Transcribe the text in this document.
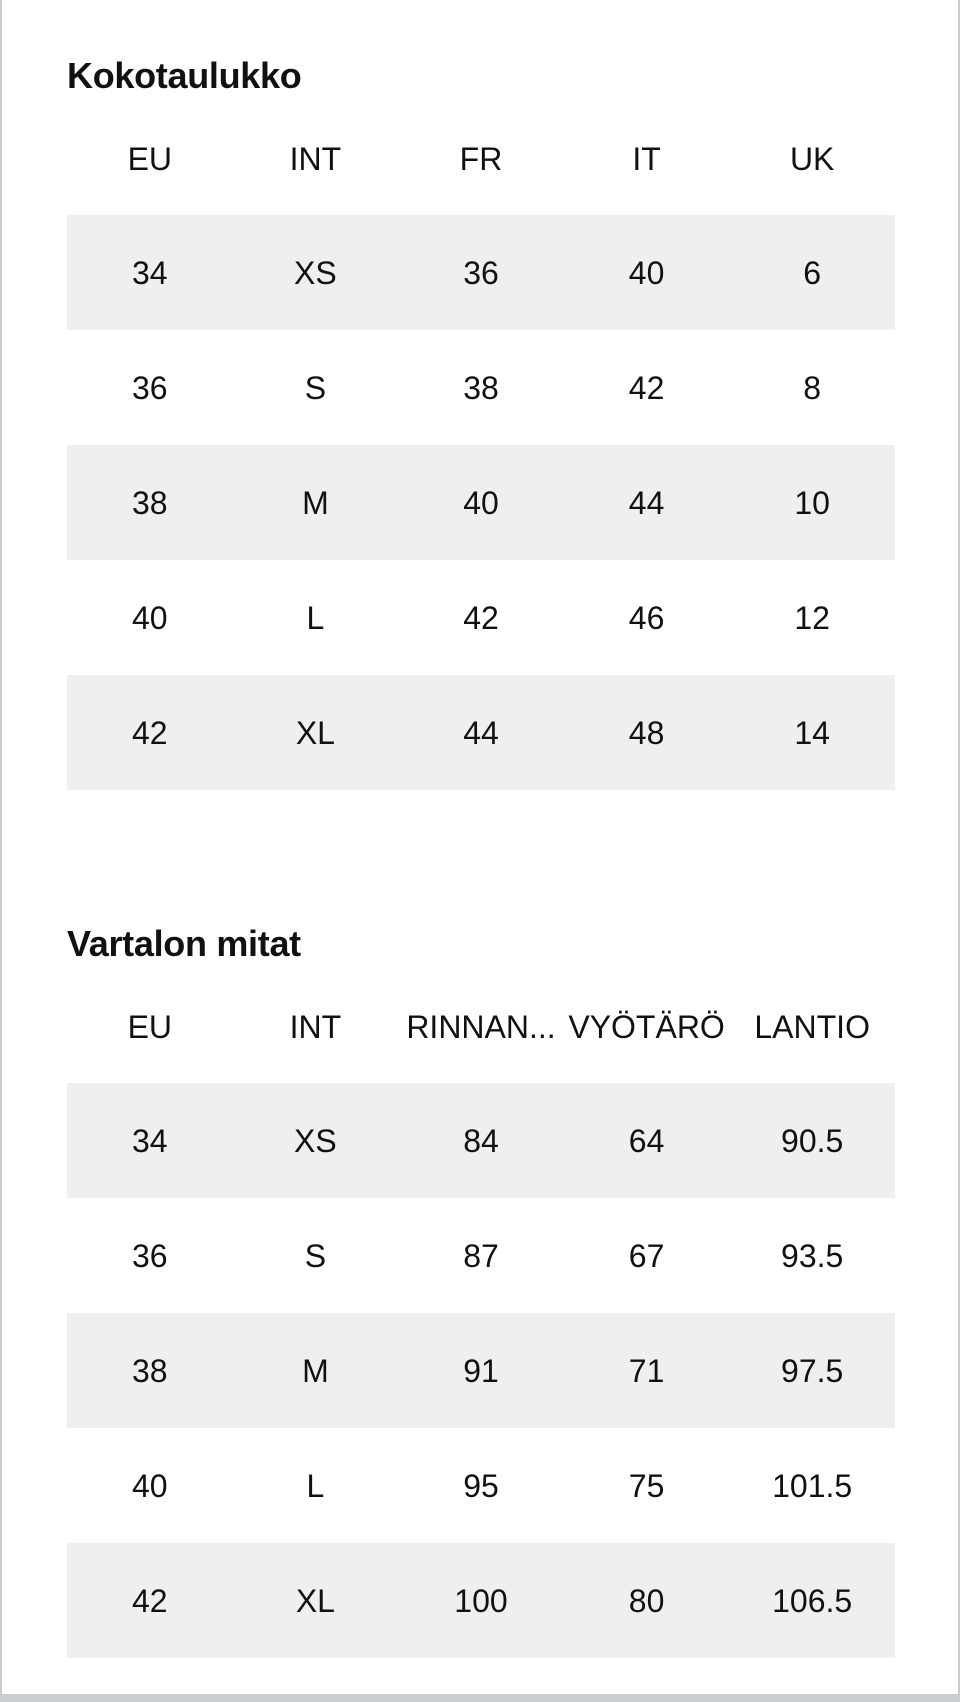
Kokotaulukko
EU	INT	FR	IT	UK
34	XS	36	40	6
36	S	38	42	8
38	M	40	44	10
40	L	42	46	12
42	XL	44	48	14
Vartalon mitat
EU	INT	RINNAN... VYÖTÄRÖ LANTIO
34	XS	84	64	90.5
36	S	87	67	93.5
38	M	91	71	97.5
40	L	95	75	101.5
42	XL	100	80	106.5
